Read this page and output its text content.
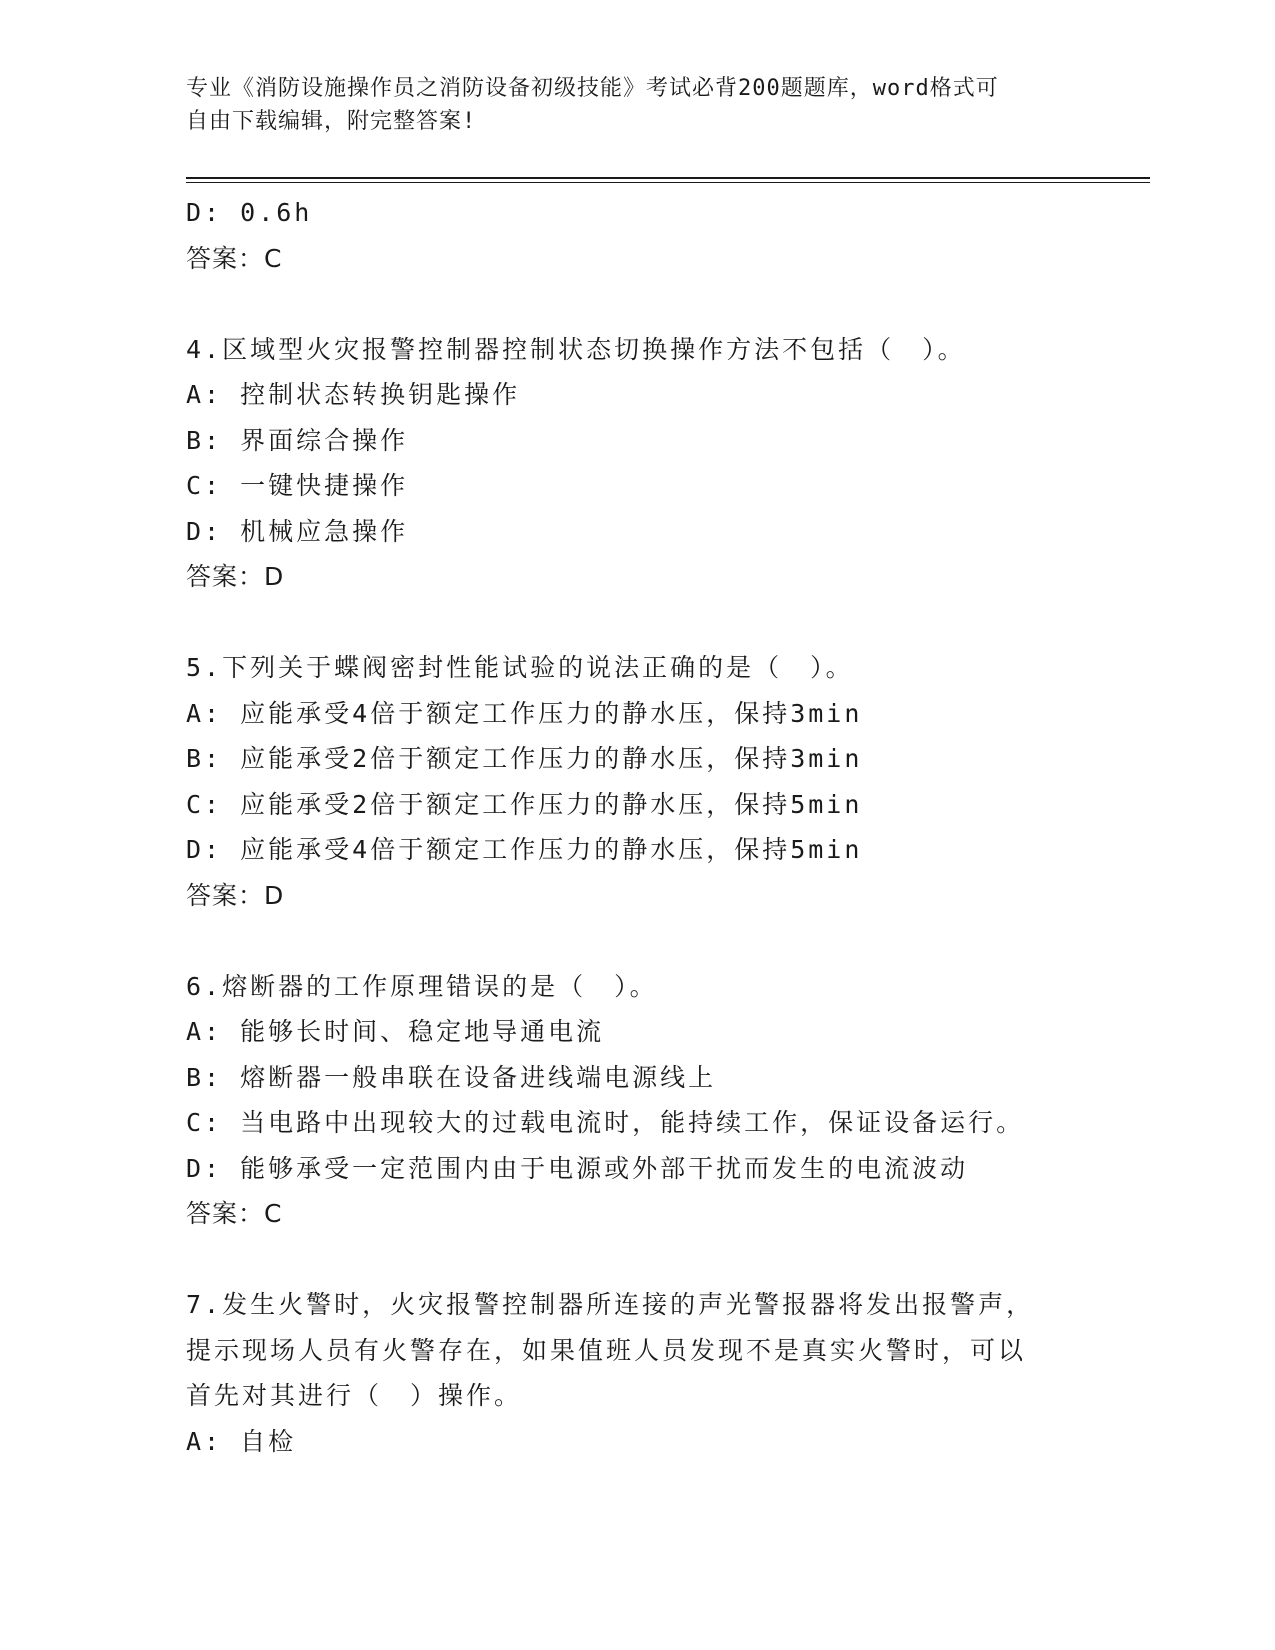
专业《消防设施操作员之消防设备初级技能》考试必背200题题库，word格式可
自由下载编辑，附完整答案!
D: 0.6h
答案：C
4.区域型火灾报警控制器控制状态切换操作方法不包括（　）。
A: 控制状态转换钥匙操作
B: 界面综合操作
C: 一键快捷操作
D: 机械应急操作
答案：D
5.下列关于蝶阀密封性能试验的说法正确的是（　）。
A: 应能承受4倍于额定工作压力的静水压，保持3min
B: 应能承受2倍于额定工作压力的静水压，保持3min
C: 应能承受2倍于额定工作压力的静水压，保持5min
D: 应能承受4倍于额定工作压力的静水压，保持5min
答案：D
6.熔断器的工作原理错误的是（　）。
A: 能够长时间、稳定地导通电流
B: 熔断器一般串联在设备进线端电源线上
C: 当电路中出现较大的过载电流时，能持续工作，保证设备运行。
D: 能够承受一定范围内由于电源或外部干扰而发生的电流波动
答案：C
7.发生火警时，火灾报警控制器所连接的声光警报器将发出报警声，
提示现场人员有火警存在，如果值班人员发现不是真实火警时，可以
首先对其进行（　）操作。
A: 自检
